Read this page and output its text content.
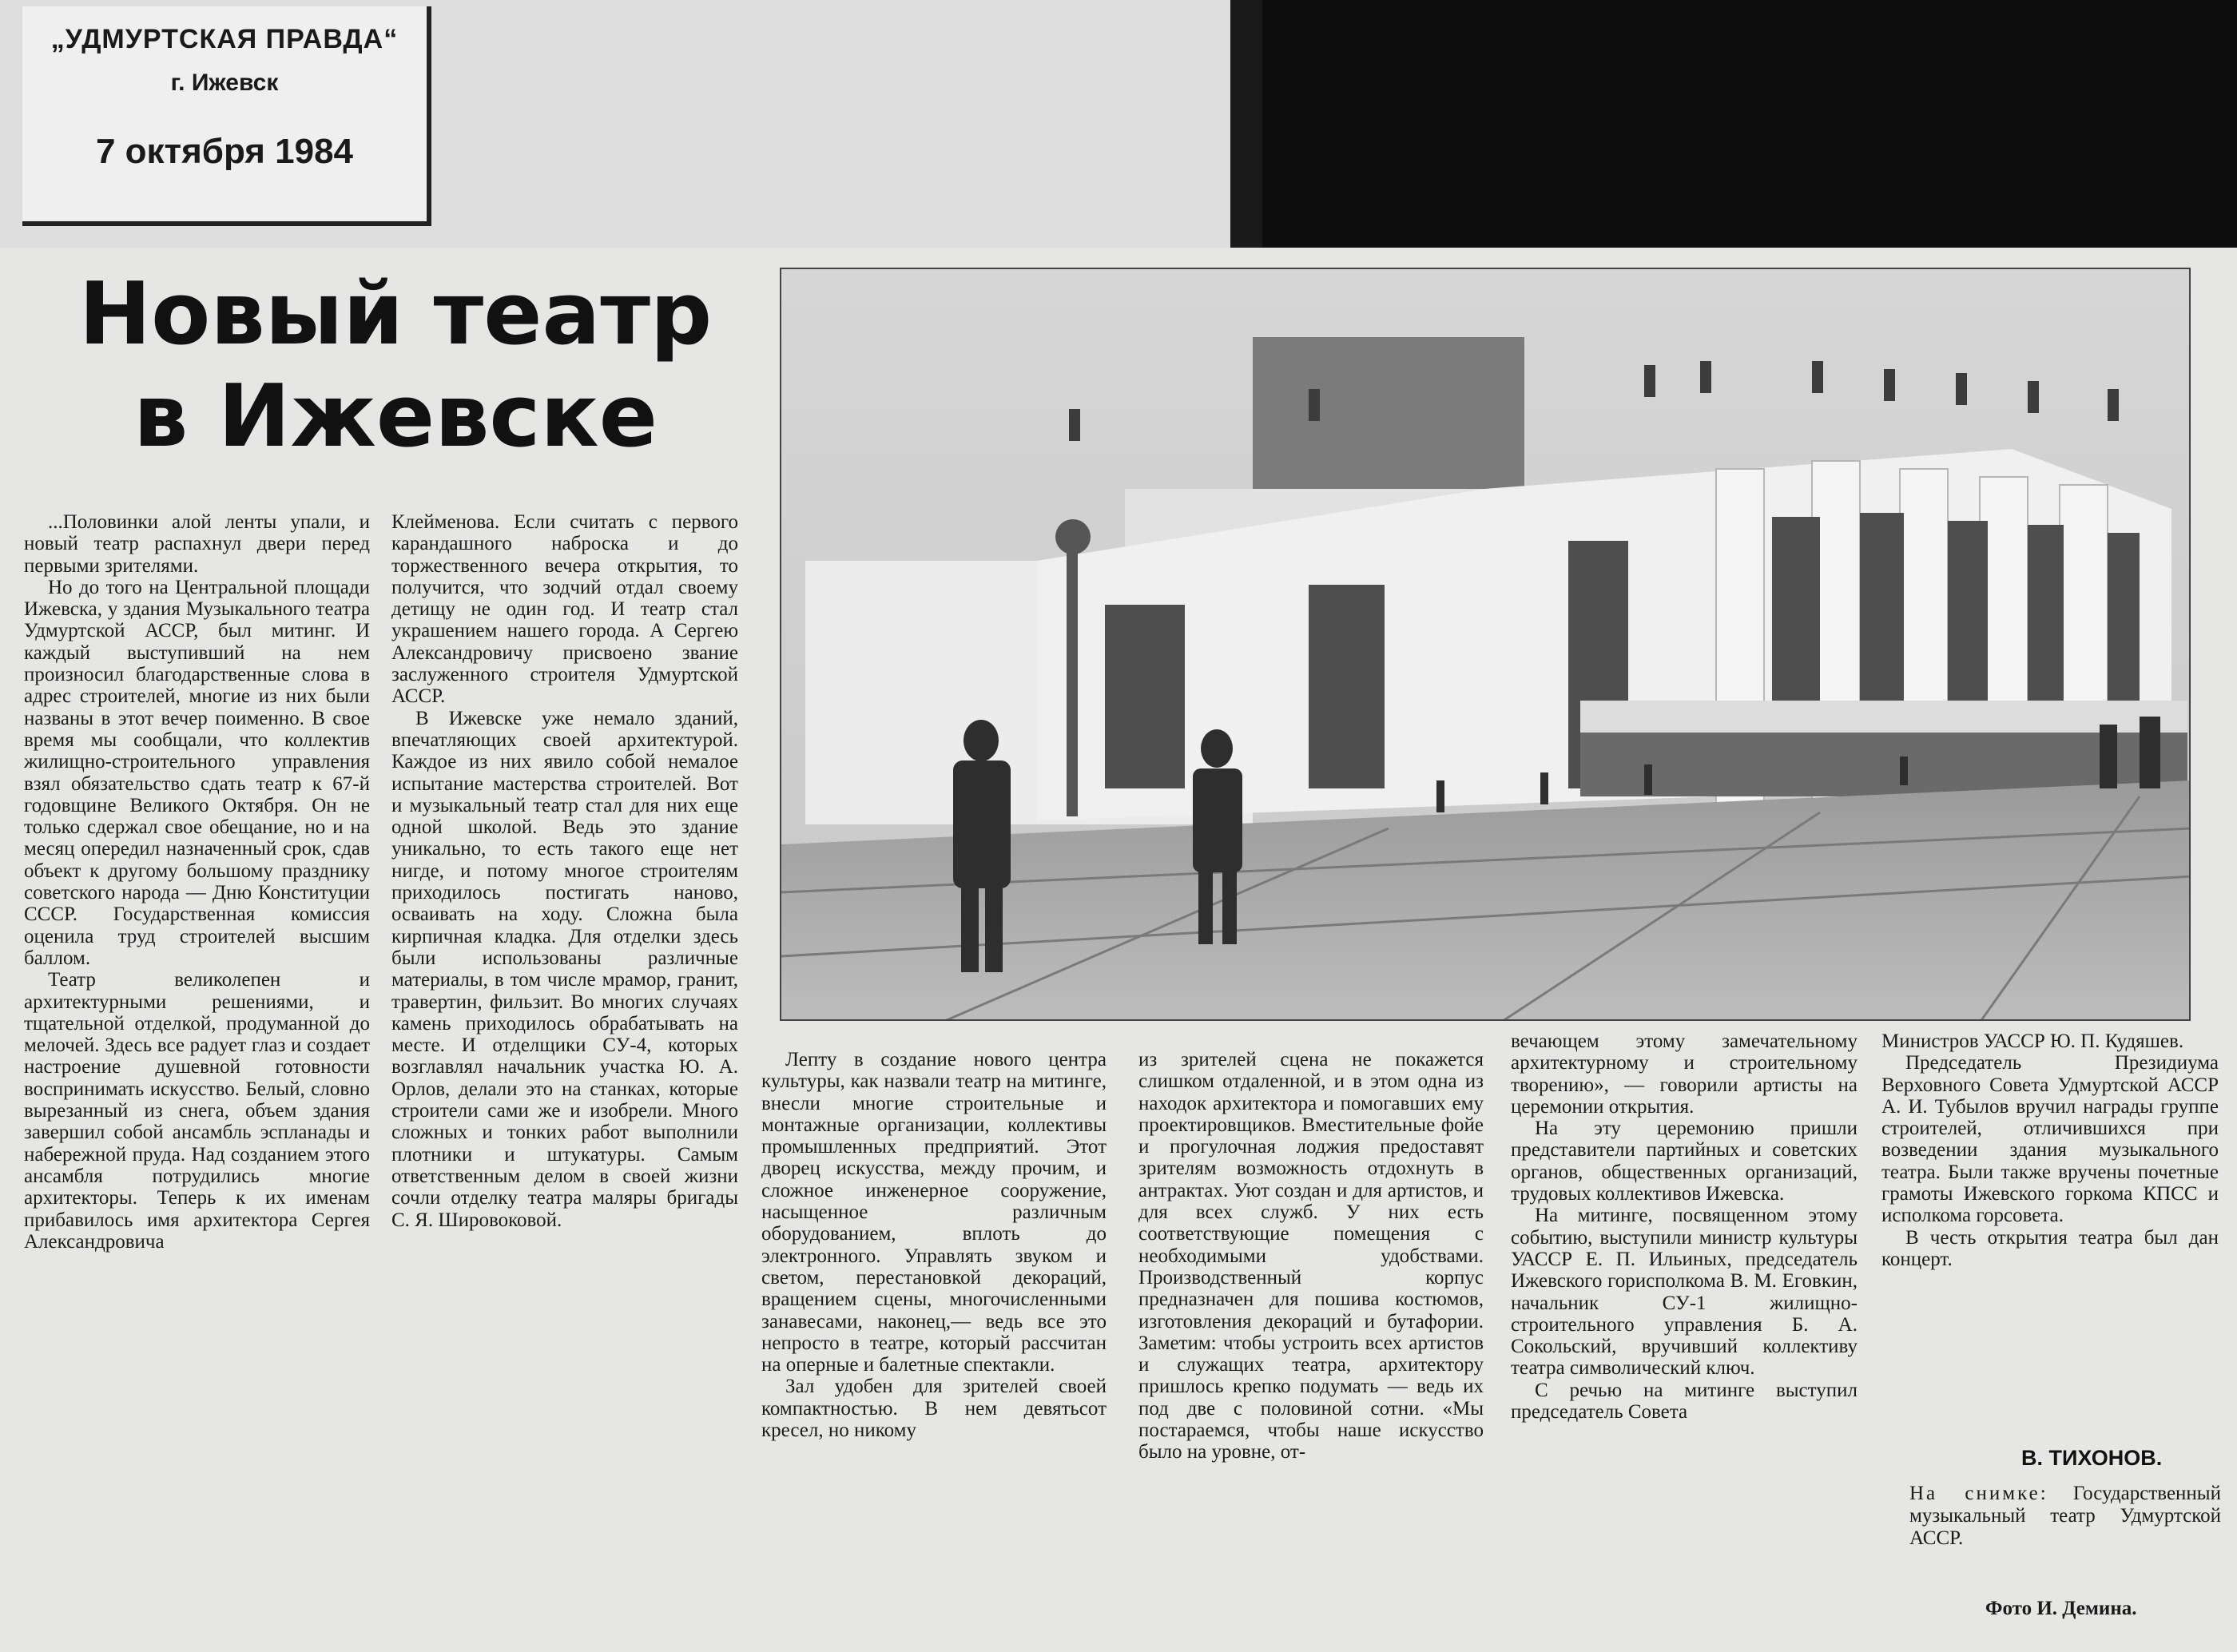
„УДМУРТСКАЯ ПРАВДА“
г. Ижевск
7 октября 1984
Новый театр
в Ижевске

...Половинки алой ленты упали, и новый театр распахнул двери перед первыми зрителями.

Но до того на Центральной площади Ижевска, у здания Музыкального театра Удмуртской АССР, был митинг. И каждый выступивший на нем произносил благодарственные слова в адрес строителей, многие из них были названы в этот вечер поименно. В свое время мы сообщали, что коллектив жилищно-строительного управления взял обязательство сдать театр к 67-й годовщине Великого Октября. Он не только сдержал свое обещание, но и на месяц опередил назначенный срок, сдав объект к другому большому празднику советского народа — Дню Конституции СССР. Государственная комиссия оценила труд строителей высшим баллом.

Театр великолепен и архитектурными решениями, и тщательной отделкой, продуманной до мелочей. Здесь все радует глаз и создает настроение душевной готовности воспринимать искусство. Белый, словно вырезанный из снега, объем здания завершил собой ансамбль эспланады и набережной пруда. Над созданием этого ансамбля потрудились многие архитекторы. Теперь к их именам прибавилось имя архитектора Сергея Александровича

Клейменова. Если считать с первого карандашного наброска и до торжественного вечера открытия, то получится, что зодчий отдал своему детищу не один год. И театр стал украшением нашего города. А Сергею Александровичу присвоено звание заслуженного строителя Удмуртской АССР.

В Ижевске уже немало зданий, впечатляющих своей архитектурой. Каждое из них явило собой немалое испытание мастерства строителей. Вот и музыкальный театр стал для них еще одной школой. Ведь это здание уникально, то есть такого еще нет нигде, и потому многое строителям приходилось постигать наново, осваивать на ходу. Сложна была кирпичная кладка. Для отделки здесь были использованы различные материалы, в том числе мрамор, гранит, травертин, фильзит. Во многих случаях камень приходилось обрабатывать на месте. И отделщики СУ-4, которых возглавлял начальник участка Ю. А. Орлов, делали это на станках, которые строители сами же и изобрели. Много сложных и тонких работ выполнили плотники и штукатуры. Самым ответственным делом в своей жизни сочли отделку театра маляры бригады С. Я. Шировоковой.

Лепту в создание нового центра культуры, как назвали театр на митинге, внесли многие строительные и монтажные организации, коллективы промышленных предприятий. Этот дворец искусства, между прочим, и сложное инженерное сооружение, насыщенное различным оборудованием, вплоть до электронного. Управлять звуком и светом, перестановкой декораций, вращением сцены, многочисленными занавесами, наконец,— ведь все это непросто в театре, который рассчитан на оперные и балетные спектакли.

Зал удобен для зрителей своей компактностью. В нем девятьсот кресел, но никому

из зрителей сцена не покажется слишком отдаленной, и в этом одна из находок архитектора и помогавших ему проектировщиков. Вместительные фойе и прогулочная лоджия предоставят зрителям возможность отдохнуть в антрактах. Уют создан и для артистов, и для всех служб. У них есть соответствующие помещения с необходимыми удобствами. Производственный корпус предназначен для пошива костюмов, изготовления декораций и бутафории. Заметим: чтобы устроить всех артистов и служащих театра, архитектору пришлось крепко подумать — ведь их под две с половиной сотни. «Мы постараемся, чтобы наше искусство было на уровне, от-

вечающем этому замечательному архитектурному и строительному творению», — говорили артисты на церемонии открытия.

На эту церемонию пришли представители партийных и советских органов, общественных организаций, трудовых коллективов Ижевска.

На митинге, посвященном этому событию, выступили министр культуры УАССР Е. П. Ильиных, председатель Ижевского горисполкома В. М. Еговкин, начальник СУ-1 жилищно-строительного управления Б. А. Сокольский, вручивший коллективу театра символический ключ.

С речью на митинге выступил председатель Совета

Министров УАССР Ю. П. Кудяшев.

Председатель Президиума Верховного Совета Удмуртской АССР А. И. Тубылов вручил награды группе строителей, отличившихся при возведении здания музыкального театра. Были также вручены почетные грамоты Ижевского горкома КПСС и исполкома горсовета.

В честь открытия театра был дан концерт.

В. ТИХОНОВ.
На снимке: Государственный музыкальный театр Удмуртской АССР.
Фото И. Демина.
